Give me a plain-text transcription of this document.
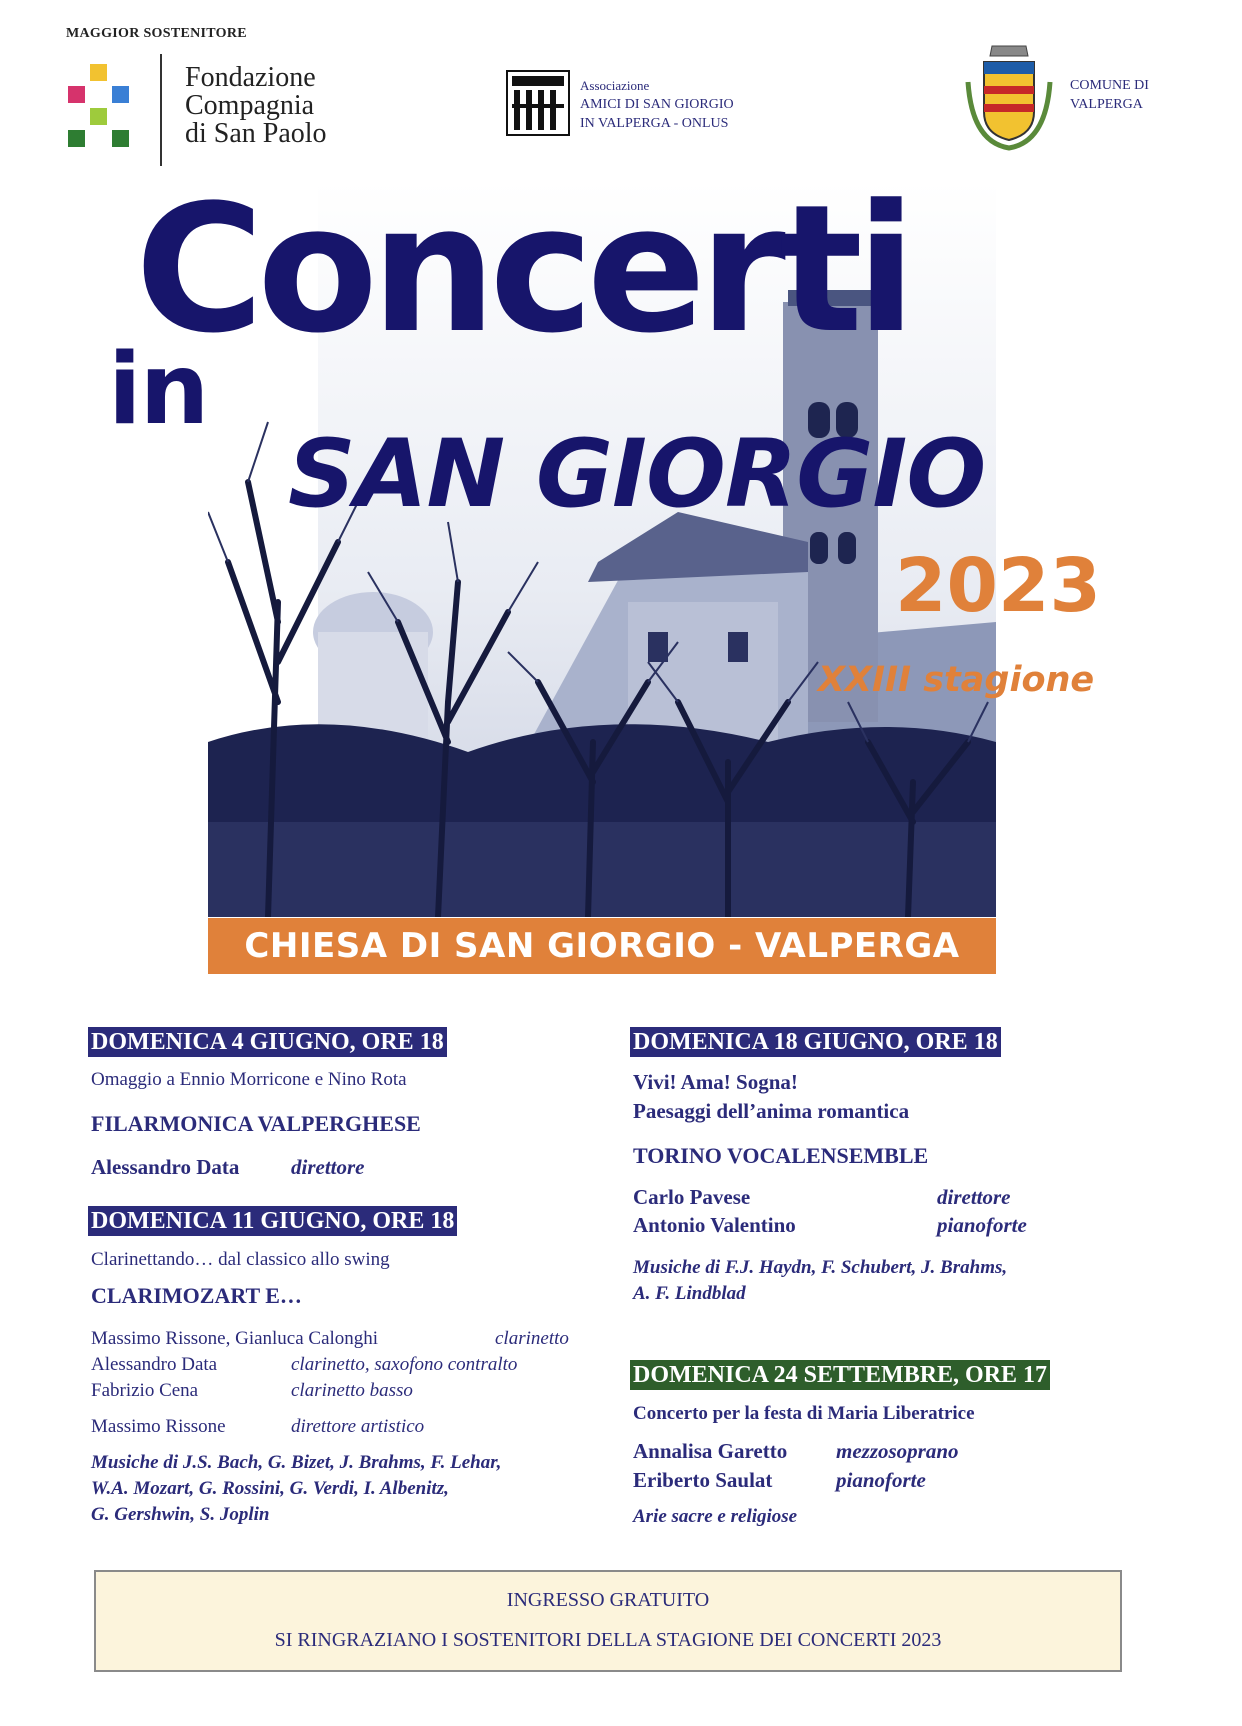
MAGGIOR SOSTENITORE
Fondazione
Compagnia
di San Paolo
Associazione
AMICI DI SAN GIORGIO
IN VALPERGA - ONLUS
COMUNE DI
VALPERGA
Concerti
in
SAN GIORGIO
2023
XXIII stagione
CHIESA DI SAN GIORGIO - VALPERGA
DOMENICA 4 GIUGNO, ORE 18
Omaggio a Ennio Morricone e Nino Rota
FILARMONICA VALPERGHESE
Alessandro Data direttore
DOMENICA 11 GIUGNO, ORE 18
Clarinettando… dal classico allo swing
CLARIMOZART E…
Massimo Rissone, Gianluca Calonghi	clarinetto
Alessandro Data	clarinetto, saxofono contralto
Fabrizio Cena	clarinetto basso
Massimo Rissone	direttore artistico
Musiche di J.S. Bach, G. Bizet, J. Brahms, F. Lehar,
W.A. Mozart, G. Rossini, G. Verdi, I. Albenitz,
G. Gershwin, S. Joplin
DOMENICA 18 GIUGNO, ORE 18
Vivi! Ama! Sogna!
Paesaggi dell’anima romantica
TORINO VOCALENSEMBLE
Carlo Pavese	direttore
Antonio Valentino	pianoforte
Musiche di F.J. Haydn, F. Schubert, J. Brahms,
A. F. Lindblad
DOMENICA 24 SETTEMBRE, ORE 17
Concerto per la festa di Maria Liberatrice
Annalisa Garetto mezzosoprano
Eriberto Saulat	pianoforte
Arie sacre e religiose
INGRESSO GRATUITO
SI RINGRAZIANO I SOSTENITORI DELLA STAGIONE DEI CONCERTI 2023
